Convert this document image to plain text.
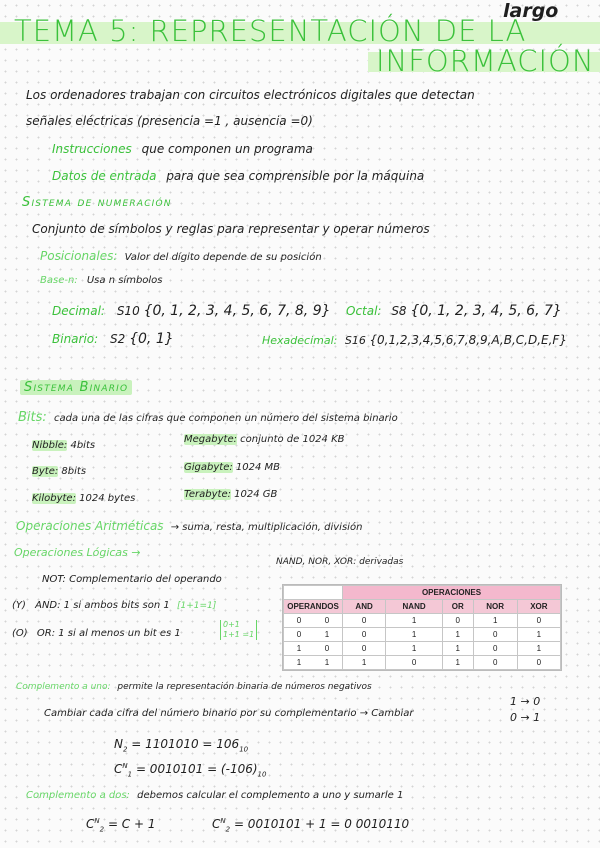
largo
TEMA 5: REPRESENTACIÓN DE LA
INFORMACIÓN
Los ordenadores trabajan con circuitos electrónicos digitales que detectan
señales eléctricas (presencia =1 , ausencia =0)
Instrucciones que componen un programa
Datos de entrada para que sea comprensible por la máquina
Sistema de numeración
Conjunto de símbolos y reglas para representar y operar números
Posicionales: Valor del dígito depende de su posición
Base-n: Usa n símbolos
Decimal: S10 {0, 1, 2, 3, 4, 5, 6, 7, 8, 9} Octal: S8 {0, 1, 2, 3, 4, 5, 6, 7}
Binario: S2 {0, 1}	Hexadecimal: S16 {0,1,2,3,4,5,6,7,8,9,A,B,C,D,E,F}
Sistema Binario
Bits: cada una de las cifras que componen un número del sistema binario
Nibble: 4bits
Byte: 8bits
Kilobyte: 1024 bytes
Megabyte: conjunto de 1024 KB
Gigabyte: 1024 MB
Terabyte: 1024 GB
Operaciones Aritméticas → suma, resta, multiplicación, división
Operaciones Lógicas →
NAND, NOR, XOR: derivadas
NOT: Complementario del operando
(Y) AND: 1 si ambos bits son 1 [1+1=1]
(O) OR: 1 si al menos un bit es 1
0+1
1+1 =1
	OPERACIONES				
OPERANDOS	AND	NAND	OR	NOR	XOR
0 0	0	1	0	1	0
0 1	0	1	1	0	1
1 0	0	1	1	0	1
1 1	1	0	1	0	0
Complemento a uno: permite la representación binaria de números negativos
1 → 0
Cambiar cada cifra del número binario por su complementario → Cambiar	0 → 1
$N_2 = 1101010 = 106_{10}$
$C^N_1 = 0010101 = (-106)_{10}$
Complemento a dos: debemos calcular el complemento a uno y sumarle 1
$C^N_2 = C + 1$	$C^N_2 = 0010101 + 1 = 0$ 0010110
